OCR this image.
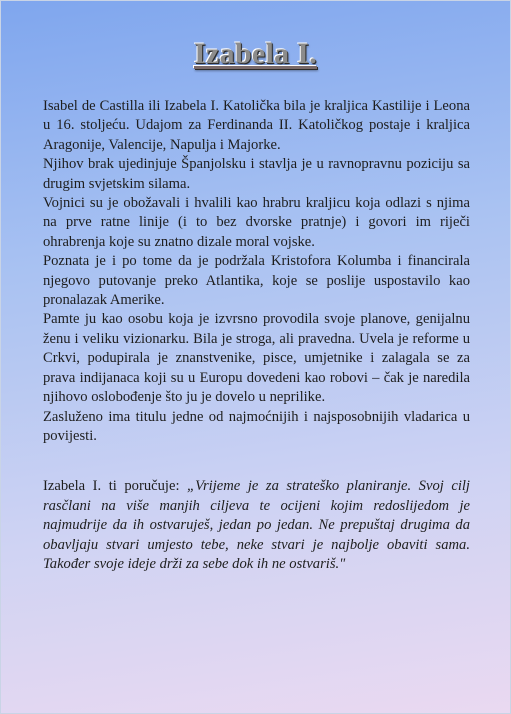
Izabela I.

Isabel de Castilla ili Izabela I. Katolička bila je kraljica Kastilije i Leona u 16. stoljeću. Udajom za Ferdinanda II. Katoličkog postaje i kraljica Aragonije, Valencije, Napulja i Majorke.

Njihov brak ujedinjuje Španjolsku i stavlja je u ravnopravnu poziciju sa drugim svjetskim silama.

Vojnici su je obožavali i hvalili kao hrabru kraljicu koja odlazi s njima na prve ratne linije (i to bez dvorske pratnje) i govori im riječi ohrabrenja koje su znatno dizale moral vojske.

Poznata je i po tome da je podržala Kristofora Kolumba i financirala njegovo putovanje preko Atlantika, koje se poslije uspostavilo kao pronalazak Amerike.

Pamte ju kao osobu koja je izvrsno provodila svoje planove, genijalnu ženu i veliku vizionarku. Bila je stroga, ali pravedna. Uvela je reforme u Crkvi, podupirala je znanstvenike, pisce, umjetnike i zalagala se za prava indijanaca koji su u Europu dovedeni kao robovi – čak je naredila njihovo oslobođenje što ju je dovelo u neprilike.

Zasluženo ima titulu jedne od najmoćnijih i najsposobnijih vladarica u povijesti.

Izabela I. ti poručuje: „Vrijeme je za strateško planiranje. Svoj cilj rasčlani na više manjih ciljeva te ocijeni kojim redoslijedom je najmudrije da ih ostvaruješ, jedan po jedan. Ne prepuštaj drugima da obavljaju stvari umjesto tebe, neke stvari je najbolje obaviti sama. Također svoje ideje drži za sebe dok ih ne ostvariš."
